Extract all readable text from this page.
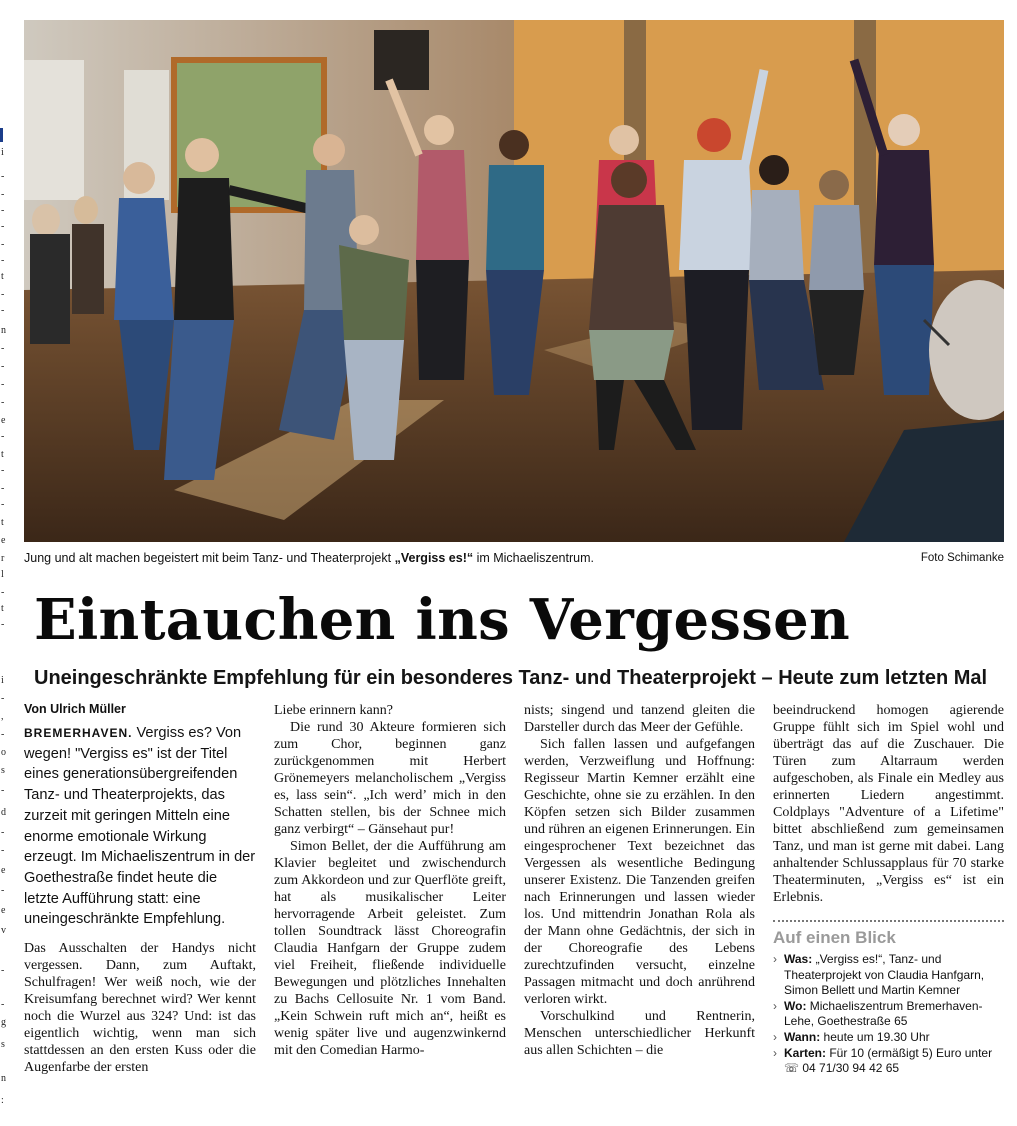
i
-
-
-
-
-
-
t
-
-
n
-
-
-
-
e
-
t
-
-
-
t
e
r
l
-
t
-
i
-
,
-
o
s
-
d
-
-
e
-
e
v
-
-
g
s
n
:
Jung und alt machen begeistert mit beim Tanz- und Theaterprojekt „Vergiss es!“ im Michaeliszentrum.	Foto Schimanke
Eintauchen ins Vergessen
Uneingeschränkte Empfehlung für ein besonderes Tanz- und Theaterprojekt – Heute zum letzten Mal

Von Ulrich Müller

BREMERHAVEN. Vergiss es? Von wegen! "Vergiss es" ist der Titel eines generationsübergreifenden Tanz- und Theaterprojekts, das zurzeit mit geringen Mitteln eine enorme emotionale Wirkung erzeugt. Im Michaeliszentrum in der Goethestraße findet heute die letzte Aufführung statt: eine uneingeschränkte Empfehlung.

Das Ausschalten der Handys nicht vergessen. Dann, zum Auftakt, Schulfragen! Wer weiß noch, wie der Kreisumfang berechnet wird? Wer kennt noch die Wurzel aus 324? Und: ist das eigentlich wichtig, wenn man sich stattdessen an den ersten Kuss oder die Augenfarbe der ersten

Liebe erinnern kann?

Die rund 30 Akteure formieren sich zum Chor, beginnen ganz zurückgenommen mit Herbert Grönemeyers melancholischem „Vergiss es, lass sein“. „Ich werd’ mich in den Schatten stellen, bis der Schnee mich ganz verbirgt“ – Gänsehaut pur!

Simon Bellet, der die Aufführung am Klavier begleitet und zwischendurch zum Akkordeon und zur Querflöte greift, hat als musikalischer Leiter hervorragende Arbeit geleistet. Zum tollen Soundtrack lässt Choreografin Claudia Hanfgarn der Gruppe zudem viel Freiheit, fließende individuelle Bewegungen und plötzliches Innehalten zu Bachs Cellosuite Nr. 1 vom Band. „Kein Schwein ruft mich an“, heißt es wenig später live und augenzwinkernd mit den Comedian Harmo-

nists; singend und tanzend gleiten die Darsteller durch das Meer der Gefühle.

Sich fallen lassen und aufgefangen werden, Verzweiflung und Hoffnung: Regisseur Martin Kemner erzählt eine Geschichte, ohne sie zu erzählen. In den Köpfen setzen sich Bilder zusammen und rühren an eigenen Erinnerungen. Ein eingesprochener Text bezeichnet das Vergessen als wesentliche Bedingung unserer Existenz. Die Tanzenden greifen nach Erinnerungen und lassen wieder los. Und mittendrin Jonathan Rola als der Mann ohne Gedächtnis, der sich in der Choreografie des Lebens zurechtzufinden versucht, einzelne Passagen mitmacht und doch anrührend verloren wirkt.

Vorschulkind und Rentnerin, Menschen unterschiedlicher Herkunft aus allen Schichten – die

beeindruckend homogen agierende Gruppe fühlt sich im Spiel wohl und überträgt das auf die Zuschauer. Die Türen zum Altarraum werden aufgeschoben, als Finale ein Medley aus erinnerten Liedern angestimmt. Coldplays "Adventure of a Lifetime" bittet abschließend zum gemeinsamen Tanz, und man ist gerne mit dabei. Lang anhaltender Schlussapplaus für 70 starke Theaterminuten, „Vergiss es“ ist ein Erlebnis.

Auf einen Blick
› Was: „Vergiss es!“, Tanz- und Theaterprojekt von Claudia Hanfgarn, Simon Bellett und Martin Kemner
› Wo: Michaeliszentrum Bremerhaven-Lehe, Goethestraße 65
› Wann: heute um 19.30 Uhr
› Karten: Für 10 (ermäßigt 5) Euro unter ☏ 04 71/30 94 42 65
